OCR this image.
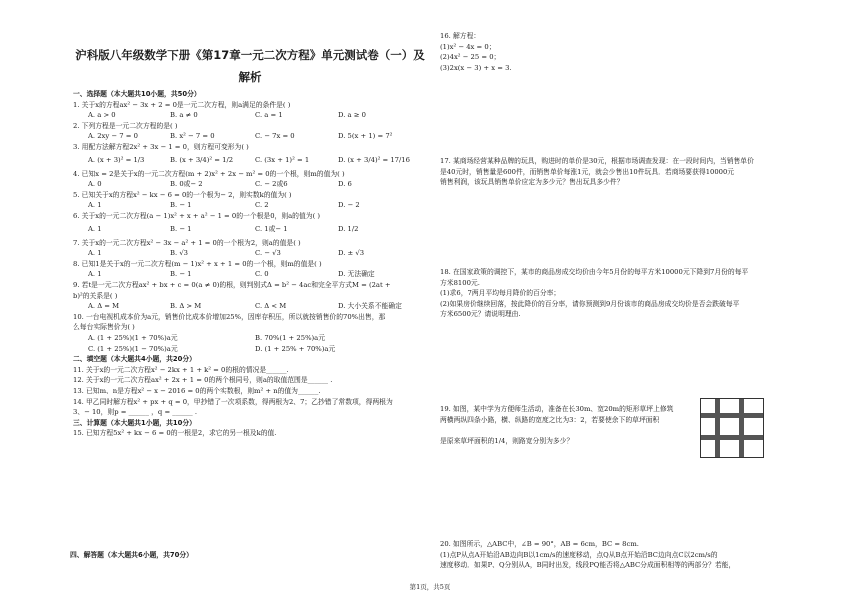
沪科版八年级数学下册《第17章一元二次方程》单元测试卷（一）及
解析
四、解答题（本大题共6小题，共70分）
第1页，共5页
一、选择题（本大题共10小题，共50分）
1. 关于x的方程ax² − 3x + 2 = 0是一元二次方程，则a满足的条件是( )
A. a > 0	B. a ≠ 0	C. a = 1	D. a ≥ 0
2. 下列方程是一元二次方程的是( )
A. 2xy − 7 = 0	B. x² − 7 = 0	C. − 7x = 0	D. 5(x + 1) = 7²
3. 用配方法解方程2x² + 3x − 1 = 0，则方程可变形为( )
A. (x + 3)² = 1/3	B. (x + 3/4)² = 1/2	C. (3x + 1)² = 1	D. (x + 3/4)² = 17/16
4. 已知x = 2是关于x的一元二次方程(m + 2)x² + 2x − m² = 0的一个根，则m的值为( )
A. 0	B. 0或− 2	C. − 2或6	D. 6
5. 已知关于x的方程x² − kx − 6 = 0的一个根为− 2，则实数k的值为( )
A. 1	B. − 1	C. 2	D. − 2
6. 关于x的一元二次方程(a − 1)x² + x + a² − 1 = 0的一个根是0，则a的值为( )
A. 1	B. − 1	C. 1或− 1	D. 1/2
7. 关于x的一元二次方程x² − 3x − a² + 1 = 0的一个根为2，则a的值是( )
A. 1	B. √3	C. − √3	D. ± √3
8. 已知1是关于x的一元二次方程(m − 1)x² + x + 1 = 0的一个根，则m的值是( )
A. 1	B. − 1	C. 0	D. 无法确定
9. 若t是一元二次方程ax² + bx + c = 0(a ≠ 0)的根，则判别式Δ = b² − 4ac和完全平方式M = (2at +
b)²的关系是( )
A. Δ = M	B. Δ > M	C. Δ < M	D. 大小关系不能确定
10. 一台电视机成本价为a元，销售价比成本价增加25%，因库存积压，所以就按销售价的70%出售，那
么每台实际售价为( )
A. (1 + 25%)(1 + 70%)a元	B. 70%(1 + 25%)a元
C. (1 + 25%)(1 − 70%)a元	D. (1 + 25% + 70%)a元
二、填空题（本大题共4小题，共20分）
11. 关于x的一元二次方程x² − 2kx + 1 + k² = 0的根的情况是______.
12. 关于x的一元二次方程ax² + 2x + 1 = 0的两个根同号，则a的取值范围是______ .
13. 已知m、n是方程x² − x − 2016 = 0的两个实数根，则m² + n的值为______.
14. 甲乙同时解方程x² + px + q = 0，甲抄错了一次项系数，得两根为2、7；乙抄错了常数项，得两根为
3、− 10，则p = ______ ，q = ______ .
三、计算题（本大题共1小题，共10分）
15. 已知方程5x² + kx − 6 = 0的一根是2，求它的另一根及k的值.
16. 解方程：
(1)x² − 4x = 0；
(2)4x² − 25 = 0；
(3)2x(x − 3) + x = 3.
17. 某商场经营某种品牌的玩具，购进时的单价是30元，根据市场调查发现：在一段时间内，当销售单价
是40元时，销售量是600件，而销售单价每涨1元，就会少售出10件玩具．若商场要获得10000元
销售利润，该玩具销售单价应定为多少元？售出玩具多少件？
18. 在国家政策的调控下，某市的商品房成交均价由今年5月份的每平方米10000元下降到7月份的每平
方米8100元.
(1)求6，7两月平均每月降价的百分率；
(2)如果房价继续回落，按此降价的百分率，请你预测到9月份该市的商品房成交均价是否会跌破每平
方米6500元？请说明理由.
19. 如图，某中学为方便师生活动，准备在长30m、宽20m的矩形草坪上修筑
两横两纵四条小路，横、纵路的宽度之比为3：2，若要使余下的草坪面积
是原来草坪面积的1/4，则路宽分别为多少？
20. 如图所示，△ABC中，∠B = 90°，AB = 6cm，BC = 8cm.
(1)点P从点A开始沿AB边向B以1cm/s的速度移动，点Q从B点开始沿BC边向点C以2cm/s的
速度移动．如果P、Q分别从A，B同时出发，线段PQ能否将△ABC分成面积相等的两部分？若能，
